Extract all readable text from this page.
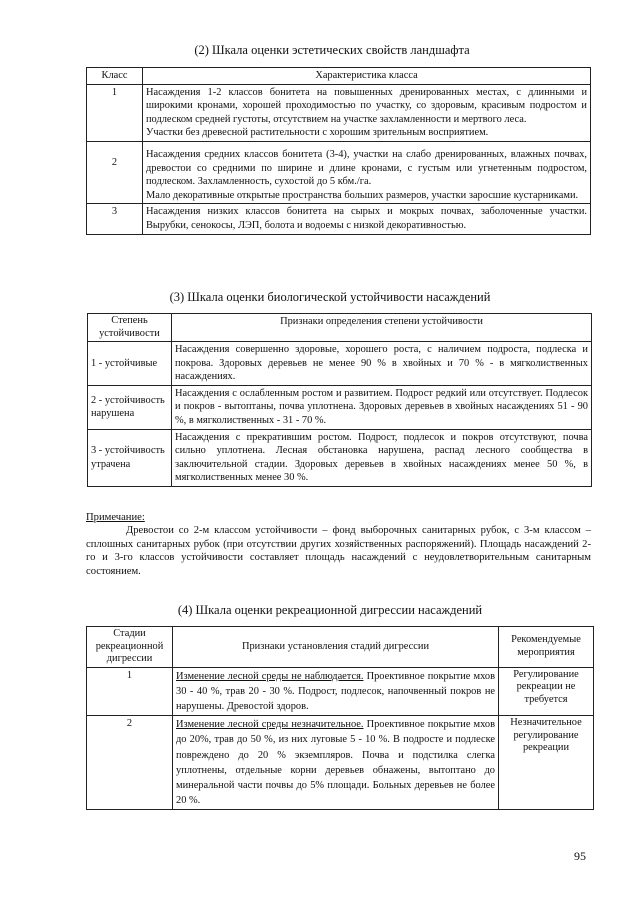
(2) Шкала оценки эстетических свойств ландшафта
Класс	Характеристика класса
1	Насаждения 1-2 классов бонитета на повышенных дренированных местах, с длинными и широкими кронами, хорошей проходимостью по участку, со здоровым, красивым подростом и подлеском средней густоты, отсутствием на участке захламленности и мертвого леса.
Участки без древесной растительности с хорошим зрительным восприятием.

2	Насаждения средних классов бонитета (3-4), участки на слабо дренированных, влажных почвах, древостои со средними по ширине и длине кронами, с густым или угнетенным подростом, подлеском. Захламленность, сухостой до 5 кбм./га.
Мало декоративные открытые пространства больших размеров, участки заросшие кустарниками.

3	Насаждения низких классов бонитета на сырых и мокрых почвах, заболоченные участки. Вырубки, сенокосы, ЛЭП, болота и водоемы с низкой декоративностью.
(3) Шкала оценки биологической устойчивости насаждений
Степень устойчивости	Признаки определения степени устойчивости
1 - устойчивые	Насаждения совершенно здоровые, хорошего роста, с наличием подроста, подлеска и покрова. Здоровых деревьев не менее 90 % в хвойных и 70 % - в мягколиственных насаждениях.
2 - устойчивость нарушена	Насаждения с ослабленным ростом и развитием. Подрост редкий или отсутствует. Подлесок и покров - вытоптаны, почва уплотнена. Здоровых деревьев в хвойных насаждениях 51 - 90 %, в мягколиственных - 31 - 70 %.
3 - устойчивость утрачена	Насаждения с прекратившим ростом. Подрост, подлесок и покров отсутствуют, почва сильно уплотнена. Лесная обстановка нарушена, распад лесного сообщества в заключительной стадии. Здоровых деревьев в хвойных насаждениях менее 50 %, в мягколиственных менее 30 %.
Примечание:
Древостои со 2-м классом устойчивости – фонд выборочных санитарных рубок, с 3-м классом – сплошных санитарных рубок (при отсутствии других хозяйственных распоряжений). Площадь насаждений 2-го и 3-го классов устойчивости составляет площадь насаждений с неудовлетворительным санитарным состоянием.
(4) Шкала оценки рекреационной дигрессии насаждений
Стадии рекреационной дигрессии	Признаки установления стадий дигрессии	Рекомендуемые мероприятия
1	Изменение лесной среды не наблюдается. Проективное покрытие мхов 30 - 40 %, трав 20 - 30 %. Подрост, подлесок, напочвенный покров не нарушены. Древостой здоров.	Регулирование рекреации не требуется
2	Изменение лесной среды незначительное. Проективное покрытие мхов до 20%, трав до 50 %, из них луговые 5 - 10 %. В подросте и подлеске повреждено до 20 % экземпляров. Почва и подстилка слегка уплотнены, отдельные корни деревьев обнажены, вытоптано до минеральной части почвы до 5% площади. Больных деревьев не более 20 %.	Незначительное регулирование рекреации
95
